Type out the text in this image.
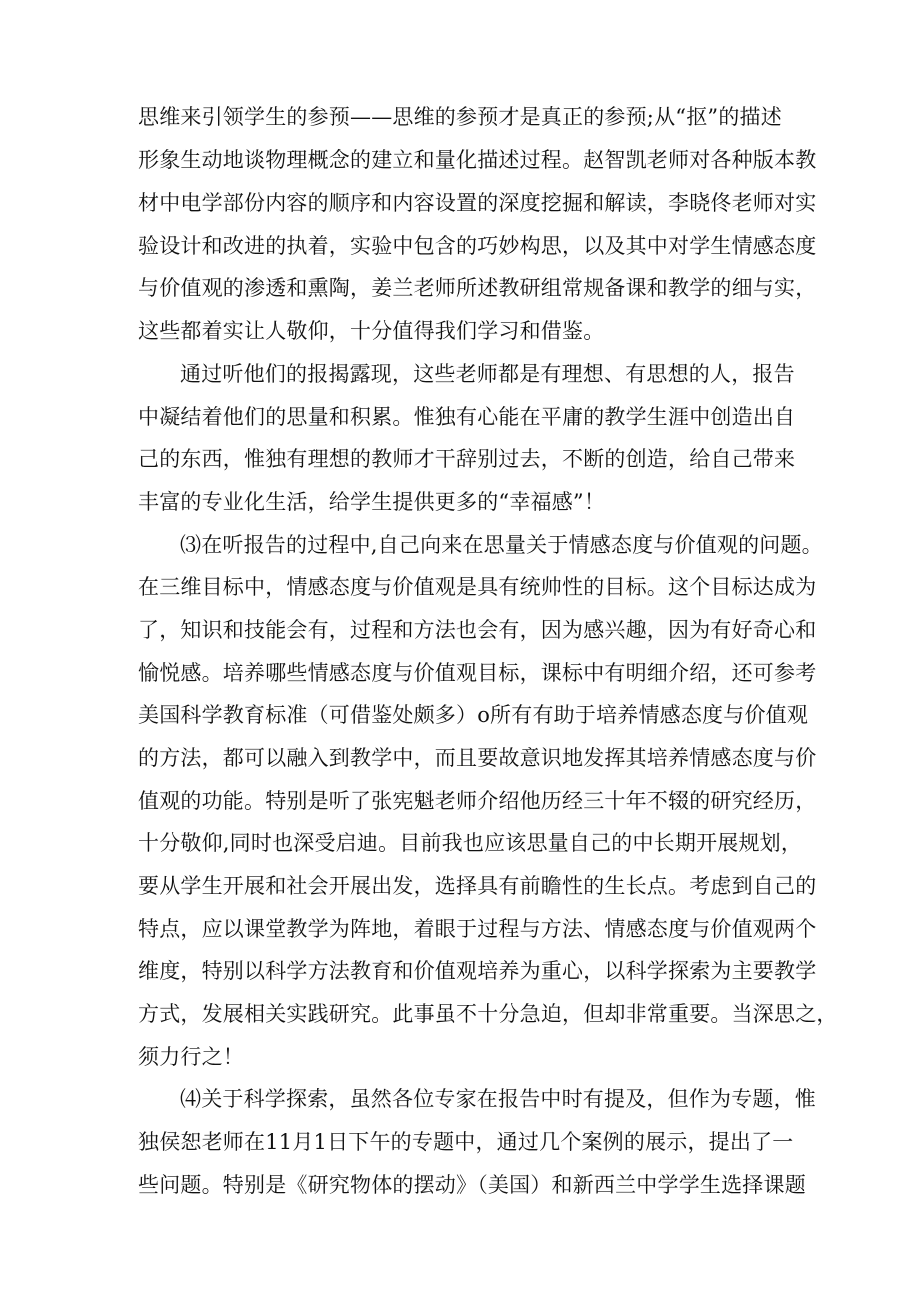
思维来引领学生的参预——思维的参预才是真正的参预;从“抠”的描述
形象生动地谈物理概念的建立和量化描述过程。赵智凯老师对各种版本教
材中电学部份内容的顺序和内容设置的深度挖掘和解读，李晓佟老师对实
验设计和改进的执着，实验中包含的巧妙构思，以及其中对学生情感态度
与价值观的渗透和熏陶，姜兰老师所述教研组常规备课和教学的细与实，
这些都着实让人敬仰，十分值得我们学习和借鉴。
通过听他们的报揭露现，这些老师都是有理想、有思想的人，报告
中凝结着他们的思量和积累。惟独有心能在平庸的教学生涯中创造出自
己的东西，惟独有理想的教师才干辞别过去，不断的创造，给自己带来
丰富的专业化生活，给学生提供更多的“幸福感”！
⑶在听报告的过程中,自己向来在思量关于情感态度与价值观的问题。
在三维目标中，情感态度与价值观是具有统帅性的目标。这个目标达成为
了，知识和技能会有，过程和方法也会有，因为感兴趣，因为有好奇心和
愉悦感。培养哪些情感态度与价值观目标，课标中有明细介绍，还可参考
美国科学教育标准（可借鉴处颇多）o所有有助于培养情感态度与价值观
的方法，都可以融入到教学中，而且要故意识地发挥其培养情感态度与价
值观的功能。特别是听了张宪魁老师介绍他历经三十年不辍的研究经历，
十分敬仰,同时也深受启迪。目前我也应该思量自己的中长期开展规划，
要从学生开展和社会开展出发，选择具有前瞻性的生长点。考虑到自己的
特点，应以课堂教学为阵地，着眼于过程与方法、情感态度与价值观两个
维度，特别以科学方法教育和价值观培养为重心，以科学探索为主要教学
方式，发展相关实践研究。此事虽不十分急迫，但却非常重要。当深思之，
须力行之！
⑷关于科学探索，虽然各位专家在报告中时有提及，但作为专题，惟
独侯恕老师在11月1日下午的专题中，通过几个案例的展示，提出了一
些问题。特别是《研究物体的摆动》（美国）和新西兰中学学生选择课题
